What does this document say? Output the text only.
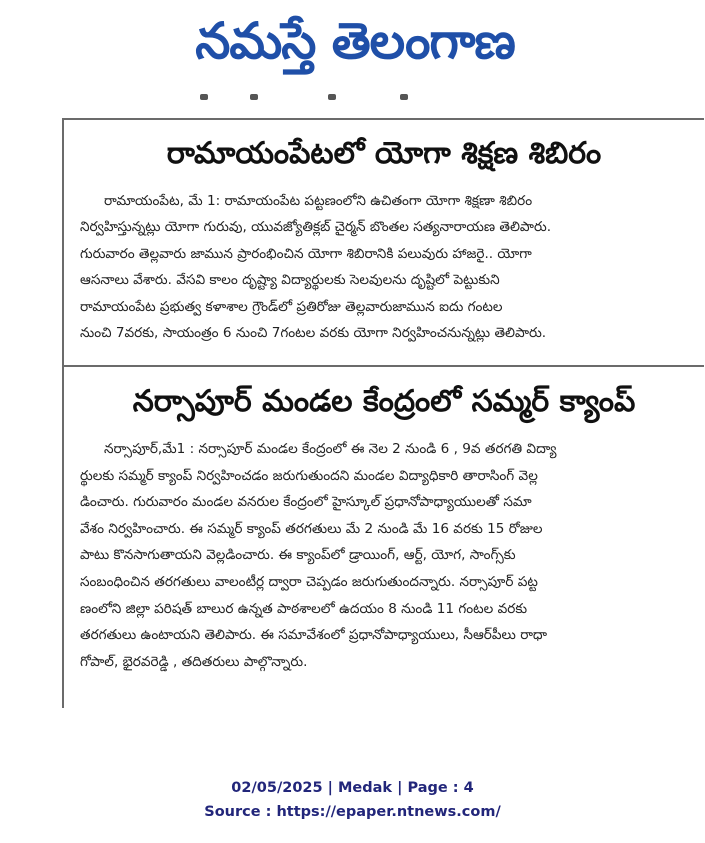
నమస్తే తెలంగాణ
రామాయంపేటలో యోగా శిక్షణ శిబిరం
రామాయంపేట, మే 1: రామాయంపేట పట్టణంలోని ఉచితంగా యోగా శిక్షణా శిబిరం
నిర్వహిస్తున్నట్లు యోగా గురువు, యువజ్యోతిక్లబ్ చైర్మన్ బొంతల సత్యనారాయణ తెలిపారు.
గురువారం తెల్లవారు జామున ప్రారంభించిన యోగా శిబిరానికి పలువురు హాజరై.. యోగా
ఆసనాలు వేశారు. వేసవి కాలం దృష్ట్యా విద్యార్థులకు సెలవులను దృష్టిలో పెట్టుకుని
రామాయంపేట ప్రభుత్వ కళాశాల గ్రౌండ్‌లో ప్రతిరోజు తెల్లవారుజామున ఐదు గంటల
నుంచి 7వరకు, సాయంత్రం 6 నుంచి 7గంటల వరకు యోగా నిర్వహించనున్నట్లు తెలిపారు.
నర్సాపూర్ మండల కేంద్రంలో సమ్మర్ క్యాంప్
నర్సాపూర్,మే1 : నర్సాపూర్ మండల కేంద్రంలో ఈ నెల 2 నుండి 6 , 9వ తరగతి విద్యా
ర్థులకు సమ్మర్ క్యాంప్ నిర్వహించడం జరుగుతుందని మండల విద్యాధికారి తారాసింగ్ వెల్ల
డించారు. గురువారం మండల వనరుల కేంద్రంలో హైస్కూల్ ప్రధానోపాధ్యాయులతో సమా
వేశం నిర్వహించారు. ఈ సమ్మర్ క్యాంప్ తరగతులు మే 2 నుండి మే 16 వరకు 15 రోజుల
పాటు కొనసాగుతాయని వెల్లడించారు. ఈ క్యాంప్‌లో డ్రాయింగ్, ఆర్ట్, యోగ, సాంగ్స్‌కు
సంబంధించిన తరగతులు వాలంటీర్ల ద్వారా చెప్పడం జరుగుతుందన్నారు. నర్సాపూర్ పట్ట
ణంలోని జిల్లా పరిషత్ బాలుర ఉన్నత పాఠశాలలో ఉదయం 8 నుండి 11 గంటల వరకు
తరగతులు ఉంటాయని తెలిపారు. ఈ సమావేశంలో ప్రధానోపాధ్యాయులు, సీఆర్‌పీలు రాధా
గోపాల్, భైరవరెడ్డి , తదితరులు పాల్గొన్నారు.
02/05/2025 | Medak | Page : 4
Source : https://epaper.ntnews.com/
